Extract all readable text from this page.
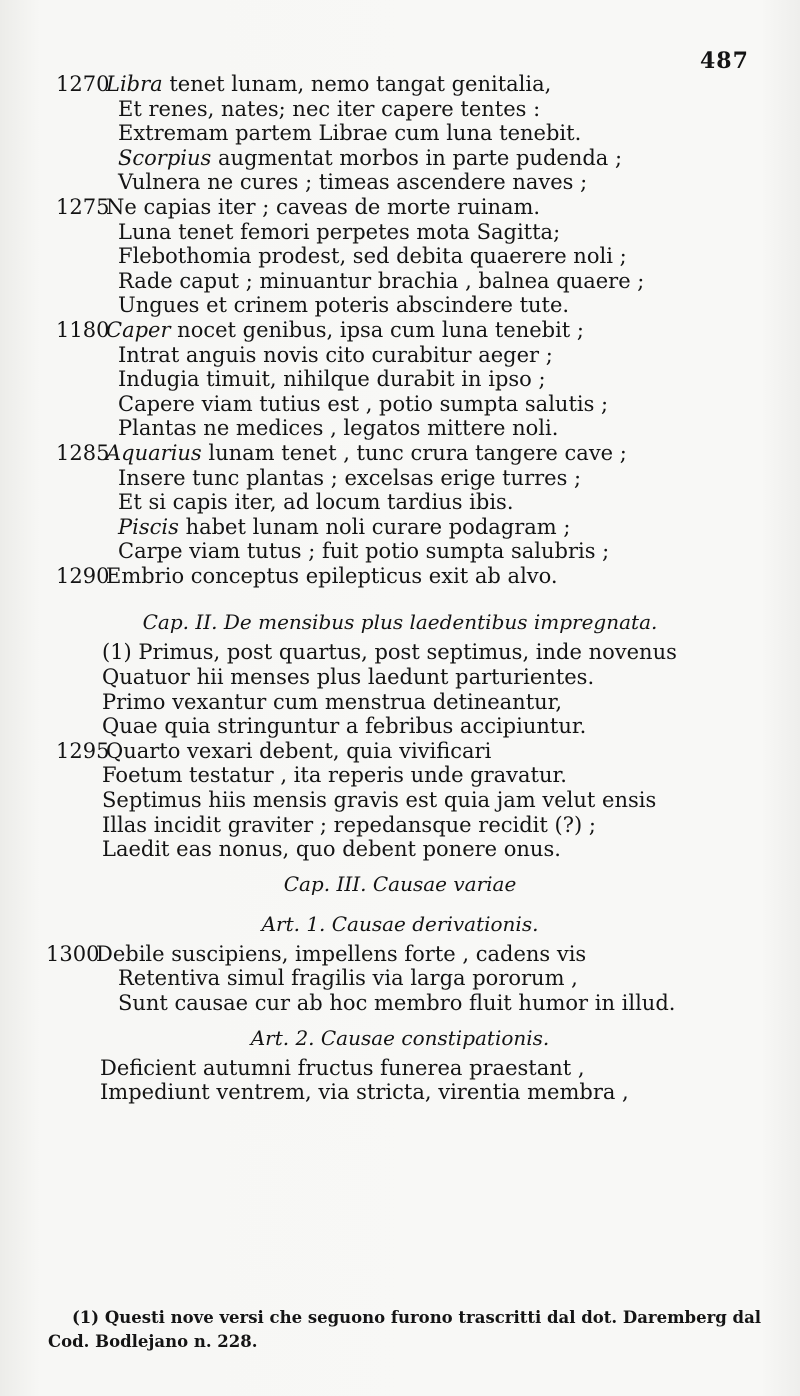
487
1270
Libra tenet lunam, nemo tangat genitalia,
Et renes, nates; nec iter capere tentes :
Extremam partem Librae cum luna tenebit.
Scorpius augmentat morbos in parte pudenda ;
Vulnera ne cures ; timeas ascendere naves ;
1275
Ne capias iter ; caveas de morte ruinam.
Luna tenet femori perpetes mota Sagitta;
Flebothomia prodest, sed debita quaerere noli ;
Rade caput ; minuantur brachia , balnea quaere ;
Ungues et crinem poteris abscindere tute.
1180
Caper nocet genibus, ipsa cum luna tenebit ;
Intrat anguis novis cito curabitur aeger ;
Indugia timuit, nihilque durabit in ipso ;
Capere viam tutius est , potio sumpta salutis ;
Plantas ne medices , legatos mittere noli.
1285
Aquarius lunam tenet , tunc crura tangere cave ;
Insere tunc plantas ; excelsas erige turres ;
Et si capis iter, ad locum tardius ibis.
Piscis habet lunam noli curare podagram ;
Carpe viam tutus ; fuit potio sumpta salubris ;
1290
Embrio conceptus epilepticus exit ab alvo.
Cap. II. De mensibus plus laedentibus impregnata.
(1) Primus, post quartus, post septimus, inde novenus
Quatuor hii menses plus laedunt parturientes.
Primo vexantur cum menstrua detineantur,
Quae quia stringuntur a febribus accipiuntur.
1295
Quarto vexari debent, quia vivificari
Foetum testatur , ita reperis unde gravatur.
Septimus hiis mensis gravis est quia jam velut ensis
Illas incidit graviter ; repedansque recidit (?) ;
Laedit eas nonus, quo debent ponere onus.
Cap. III. Causae variae
Art. 1. Causae derivationis.
1300
Debile suscipiens, impellens forte , cadens vis
Retentiva simul fragilis via larga pororum ,
Sunt causae cur ab hoc membro fluit humor in illud.
Art. 2. Causae constipationis.
Deficient autumni fructus funerea praestant ,
Impediunt ventrem, via stricta, virentia membra ,
(1) Questi nove versi che seguono furono trascritti dal dot. Daremberg dal
Cod. Bodlejano n. 228.
